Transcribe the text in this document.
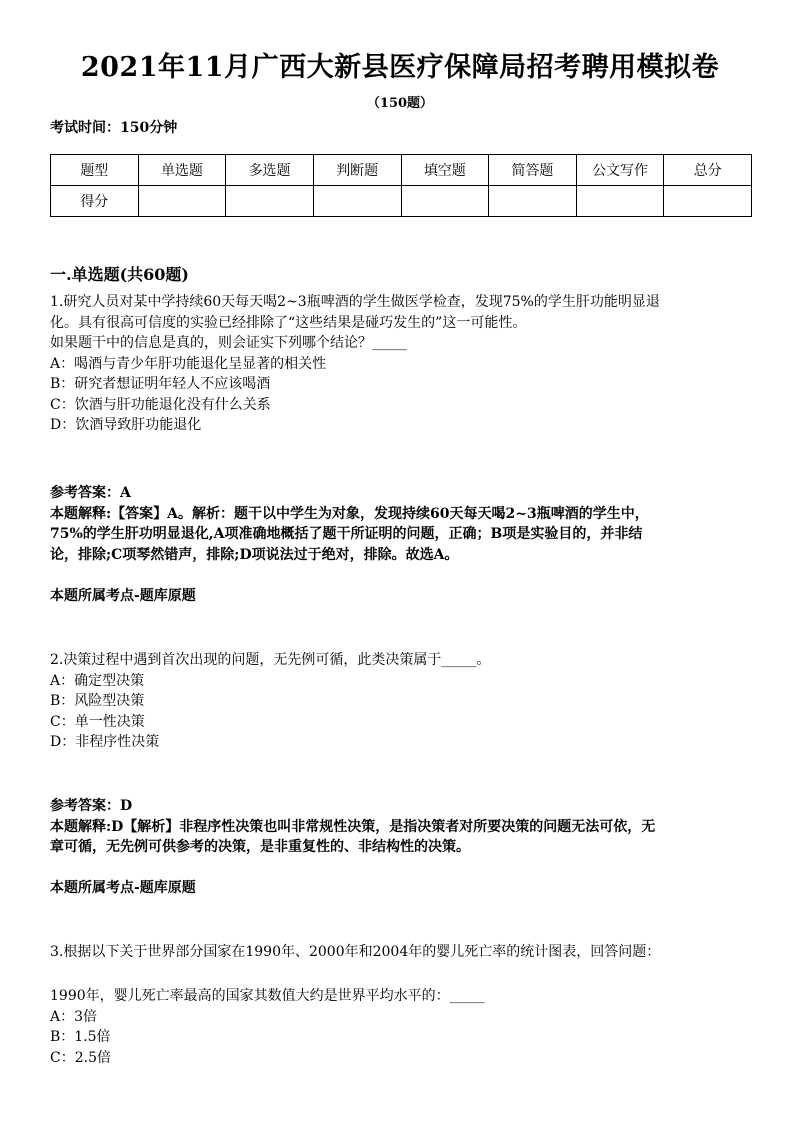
2021年11月广西大新县医疗保障局招考聘用模拟卷
（150题）
考试时间：150分钟
题型	单选题	多选题	判断题	填空题	简答题	公文写作	总分
得分							
一.单选题(共60题)

1.研究人员对某中学持续60天每天喝2~3瓶啤酒的学生做医学检查，发现75%的学生肝功能明显退

化。具有很高可信度的实验已经排除了“这些结果是碰巧发生的”这一可能性。

如果题干中的信息是真的，则会证实下列哪个结论？_____

A：喝酒与青少年肝功能退化呈显著的相关性

B：研究者想证明年轻人不应该喝酒

C：饮酒与肝功能退化没有什么关系

D：饮酒导致肝功能退化

参考答案：A

本题解释:【答案】A。解析：题干以中学生为对象，发现持续60天每天喝2~3瓶啤酒的学生中，

75%的学生肝功明显退化,A项准确地概括了题干所证明的问题，正确；B项是实验目的，并非结

论，排除;C项琴然错声，排除;D项说法过于绝对，排除。故选A。

本题所属考点-题库原题

2.决策过程中遇到首次出现的问题，无先例可循，此类决策属于_____。

A：确定型决策

B：风险型决策

C：单一性决策

D：非程序性决策

参考答案：D

本题解释:D【解析】非程序性决策也叫非常规性决策，是指决策者对所要决策的问题无法可依，无

章可循，无先例可供参考的决策，是非重复性的、非结构性的决策。

本题所属考点-题库原题

3.根据以下关于世界部分国家在1990年、2000年和2004年的婴儿死亡率的统计图表，回答问题：

1990年，婴儿死亡率最高的国家其数值大约是世界平均水平的：_____

A：3倍

B：1.5倍

C：2.5倍
